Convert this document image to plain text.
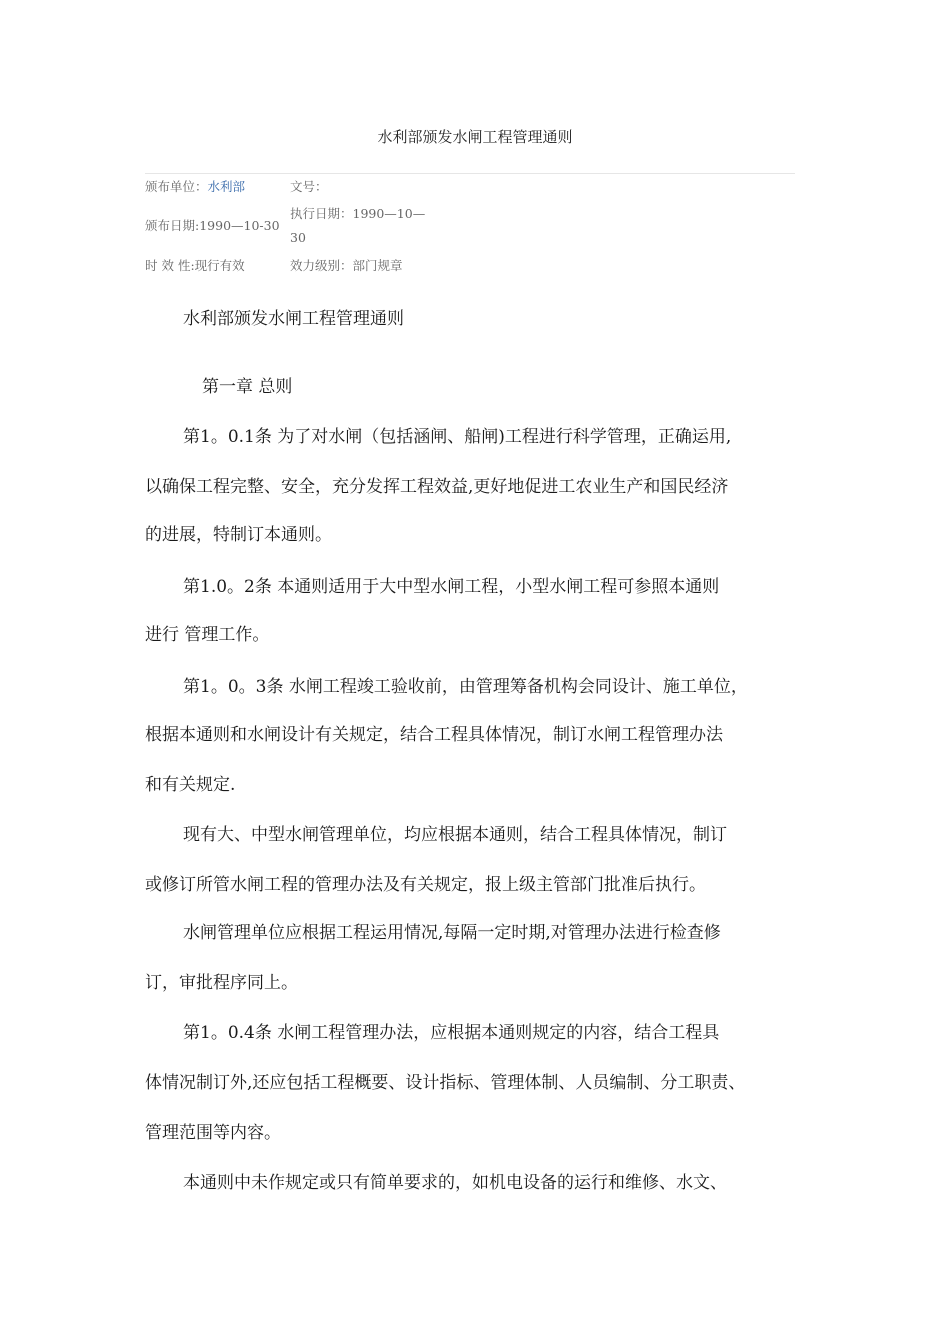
水利部颁发水闸工程管理通则
颁布单位：水利部	文号：
颁布日期:1990—10-30
执行日期：1990—10—
30
时 效 性:现行有效	效力级别：部门规章
水利部颁发水闸工程管理通则
第一章 总则
第1。0.1条 为了对水闸（包括涵闸、船闸)工程进行科学管理，正确运用,
以确保工程完整、安全，充分发挥工程效益,更好地促进工农业生产和国民经济
的进展，特制订本通则。
第1.0。2条 本通则适用于大中型水闸工程，小型水闸工程可参照本通则
进行 管理工作。
第1。0。3条 水闸工程竣工验收前，由管理筹备机构会同设计、施工单位，
根据本通则和水闸设计有关规定，结合工程具体情况，制订水闸工程管理办法
和有关规定.
现有大、中型水闸管理单位，均应根据本通则，结合工程具体情况，制订
或修订所管水闸工程的管理办法及有关规定，报上级主管部门批准后执行。
水闸管理单位应根据工程运用情况,每隔一定时期,对管理办法进行检查修
订，审批程序同上。
第1。0.4条 水闸工程管理办法，应根据本通则规定的内容，结合工程具
体情况制订外,还应包括工程概要、设计指标、管理体制、人员编制、分工职责、
管理范围等内容。
本通则中未作规定或只有简单要求的，如机电设备的运行和维修、水文、
